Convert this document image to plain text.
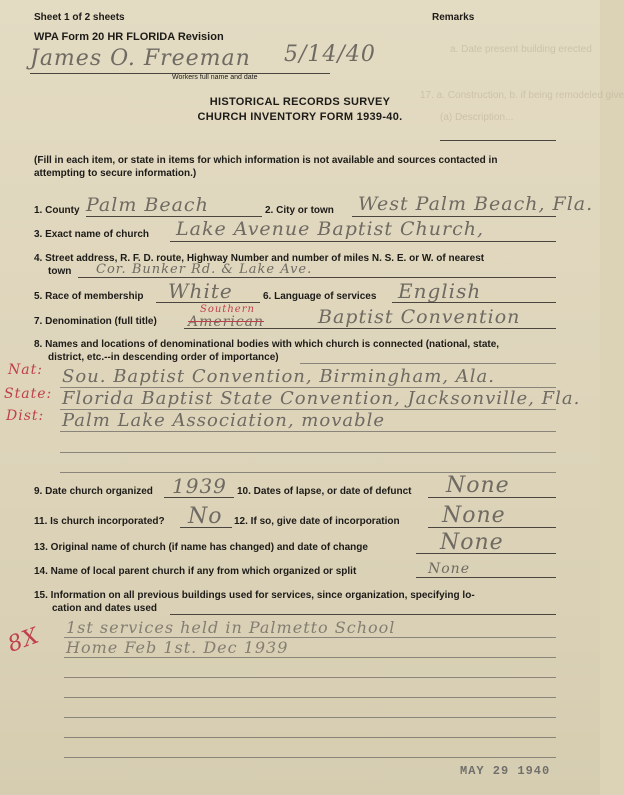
a. Date present building erected
17. a. Construction, b. if being remodeled give
(a) Description...
Sheet 1 of 2 sheets	Remarks
WPA Form 20 HR FLORIDA Revision
James O. Freeman 5/14/40
Workers full name and date
HISTORICAL RECORDS SURVEY
CHURCH INVENTORY FORM 1939-40.
(Fill in each item, or state in items for which information is not available and sources contacted in
attempting to secure information.)
1. County Palm Beach	2. City or town West Palm Beach, Fla.
3. Exact name of church Lake Avenue Baptist Church,
4. Street address, R. F. D. route, Highway Number and number of miles N. S. E. or W. of nearest
town Cor. Bunker Rd. & Lake Ave.
5. Race of membership White	6. Language of services English
7. Denomination (full title)
Southern
American	Baptist Convention
8. Names and locations of denominational bodies with which church is connected (national, state,
district, etc.--in descending order of importance)
Nat: Sou. Baptist Convention, Birmingham, Ala.
State: Florida Baptist State Convention, Jacksonville, Fla.
Dist: Palm Lake Association, movable
9. Date church organized 1939 10. Dates of lapse, or date of defunct None
11. Is church incorporated? No 12. If so, give date of incorporation None
13. Original name of church (if name has changed) and date of change	None
14. Name of local parent church if any from which organized or split	None
15. Information on all previous buildings used for services, since organization, specifying lo-
cation and dates used
1st services held in Palmetto School
Home Feb 1st. Dec 1939
8X
MAY 29 1940
